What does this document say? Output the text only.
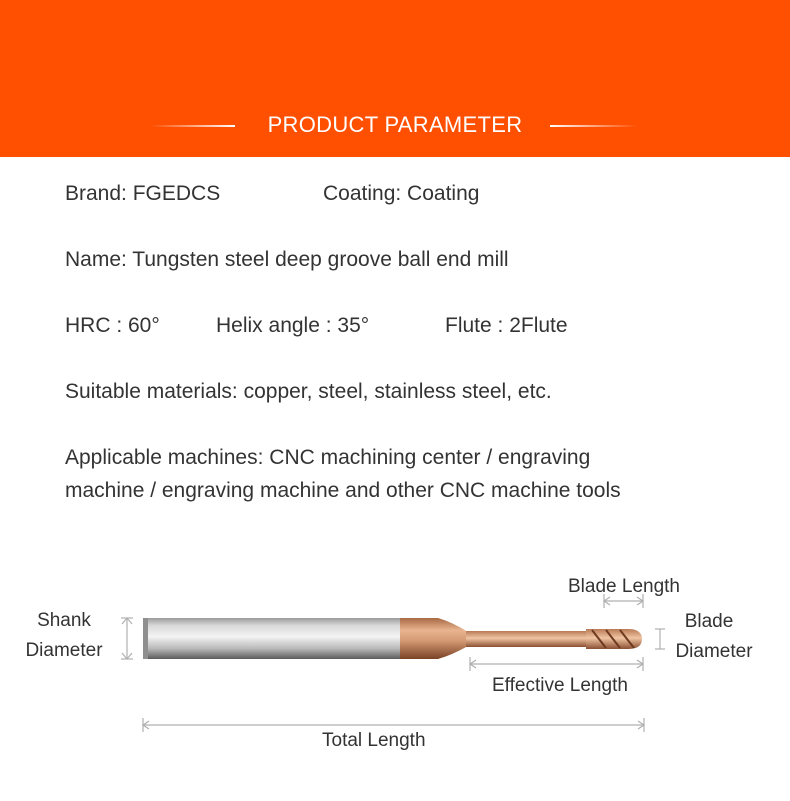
PRODUCT PARAMETER
Brand: FGEDCS	Coating: Coating
Name: Tungsten steel deep groove ball end mill
HRC : 60°	Helix angle : 35°	Flute : 2Flute
Suitable materials: copper, steel, stainless steel, etc.
Applicable machines: CNC machining center / engraving
machine / engraving machine and other CNC machine tools
Shank
Diameter
Blade Length
Blade
Diameter
Effective Length
Total Length
